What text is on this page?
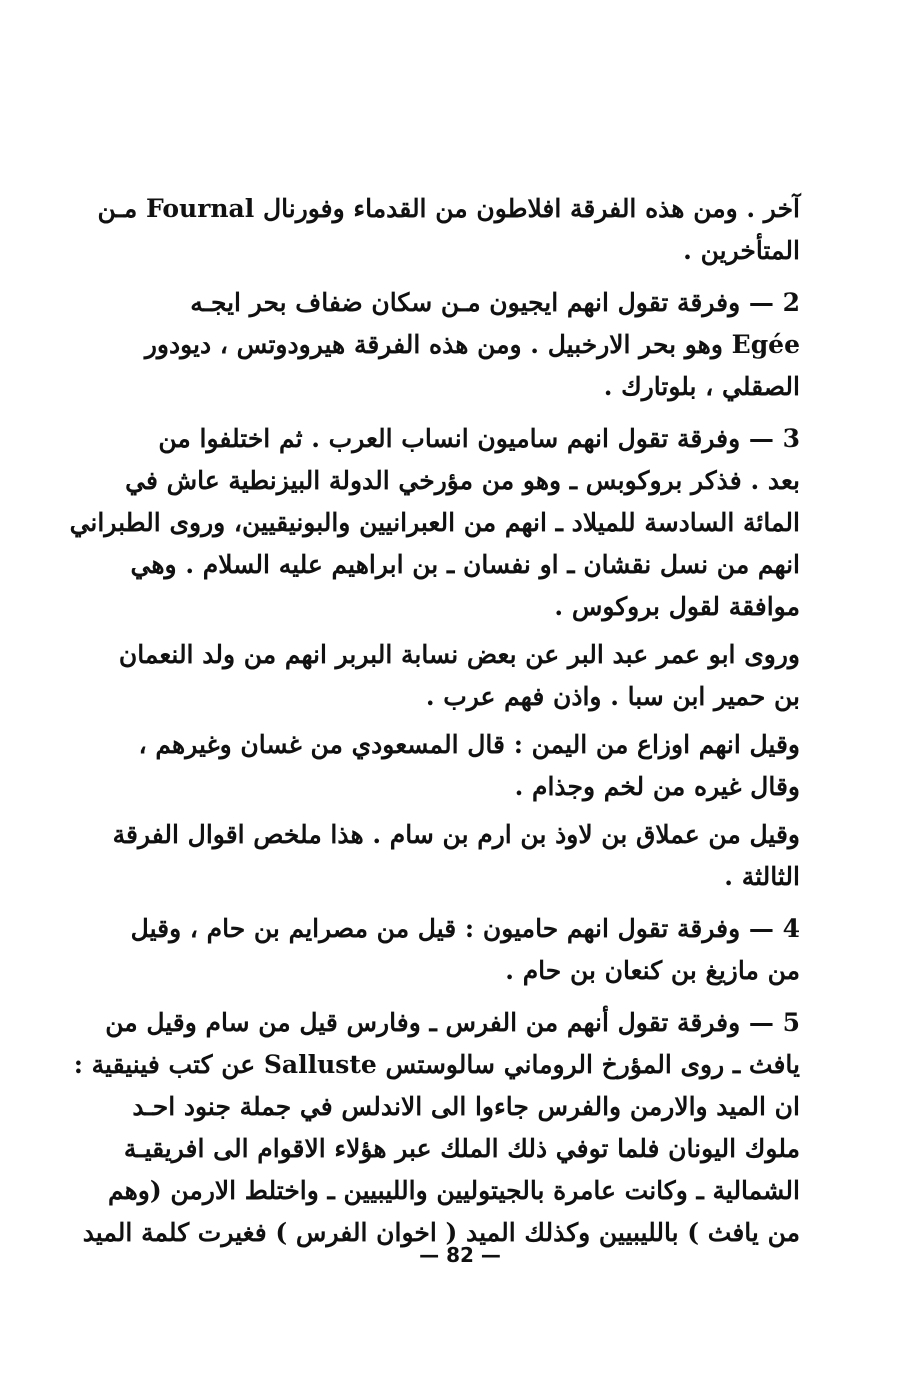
آخر . ومن هذه الفرقة افلاطون من القدماء وفورنال Fournal مـن
المتأخرين .
2 — وفرقة تقول انهم ايجيون مـن سكان ضفاف بحر ايجـه
Egée وهو بحر الارخبيل . ومن هذه الفرقة هيرودوتس ، ديودور
الصقلي ، بلوتارك .
3 — وفرقة تقول انهم ساميون انساب العرب . ثم اختلفوا من
بعد . فذكر بروكوبس ـ وهو من مؤرخي الدولة البيزنطية عاش في
المائة السادسة للميلاد ـ انهم من العبرانيين والبونيقيين، وروى الطبراني
انهم من نسل نقشان ـ او نفسان ـ بن ابراهيم عليه السلام . وهي
موافقة لقول بروكوس .
وروى ابو عمر عبد البر عن بعض نسابة البربر انهم من ولد النعمان
بن حمير ابن سبا . واذن فهم عرب .
وقيل انهم اوزاع من اليمن : قال المسعودي من غسان وغيرهم ،
وقال غيره من لخم وجذام .
وقيل من عملاق بن لاوذ بن ارم بن سام . هذا ملخص اقوال الفرقة
الثالثة .
4 — وفرقة تقول انهم حاميون : قيل من مصرايم بن حام ، وقيل
من مازيغ بن كنعان بن حام .
5 — وفرقة تقول أنهم من الفرس ـ وفارس قيل من سام وقيل من
يافث ـ روى المؤرخ الروماني سالوستس Salluste عن كتب فينيقية :
ان الميد والارمن والفرس جاءوا الى الاندلس في جملة جنود احـد
ملوك اليونان فلما توفي ذلك الملك عبر هؤلاء الاقوام الى افريقيـة
الشمالية ـ وكانت عامرة بالجيتوليين والليبيين ـ واختلط الارمن (وهم
من يافث ) بالليبيين وكذلك الميد ( اخوان الفرس ) فغيرت كلمة الميد
— 82 —
